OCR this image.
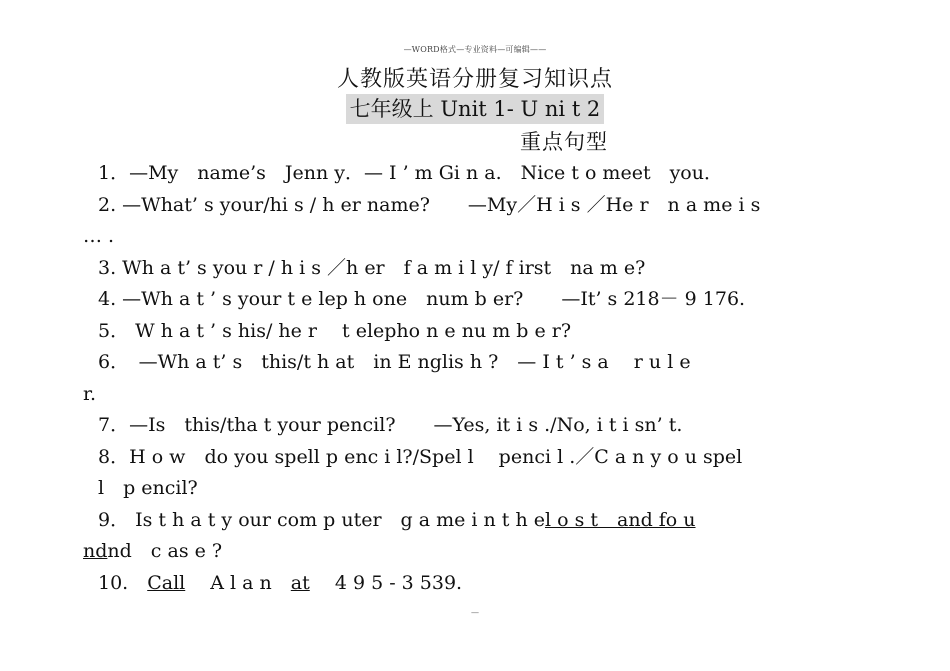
—WORD格式—专业资料—可编辑——
人教版英语分册复习知识点
七年级上 Unit 1- U ni t 2
重点句型
1．—My　name’s　Jenn y．— I ’ m Gi n a.　Nice t o meet　you．
2. —What’ s your/hi s / h er name?　　—My／H i s ／He r　n a me i s
… .
3. Wh a t’ s you r / h i s ／h er　f a m i l y/ f irst　na m e?
4. —Wh a t ’ s your t e lep h one　num b er?　　—It’ s 218－ 9 176.
5． W h a t ’ s his/ he r　 t elepho n e nu m b e r?
6．　—Wh a t’ s　this/t h at　in E nglis h ?　— I t ’ s a　 r u l e
r.
7．—Is　this/tha t your pencil?　　—Yes, it i s ./No, i t i sn’ t.
8．H o w　do you spell p enc i l?/Spel l　 penci l .／C a n y o u spel
l　p encil?
9． Is t h a t y our com p uter　g a me i n t h el o s t　and fo u
ndnd　c as e ?
10.　Call　 A l a n　 at　 4 9 5 - 3 539.
—
